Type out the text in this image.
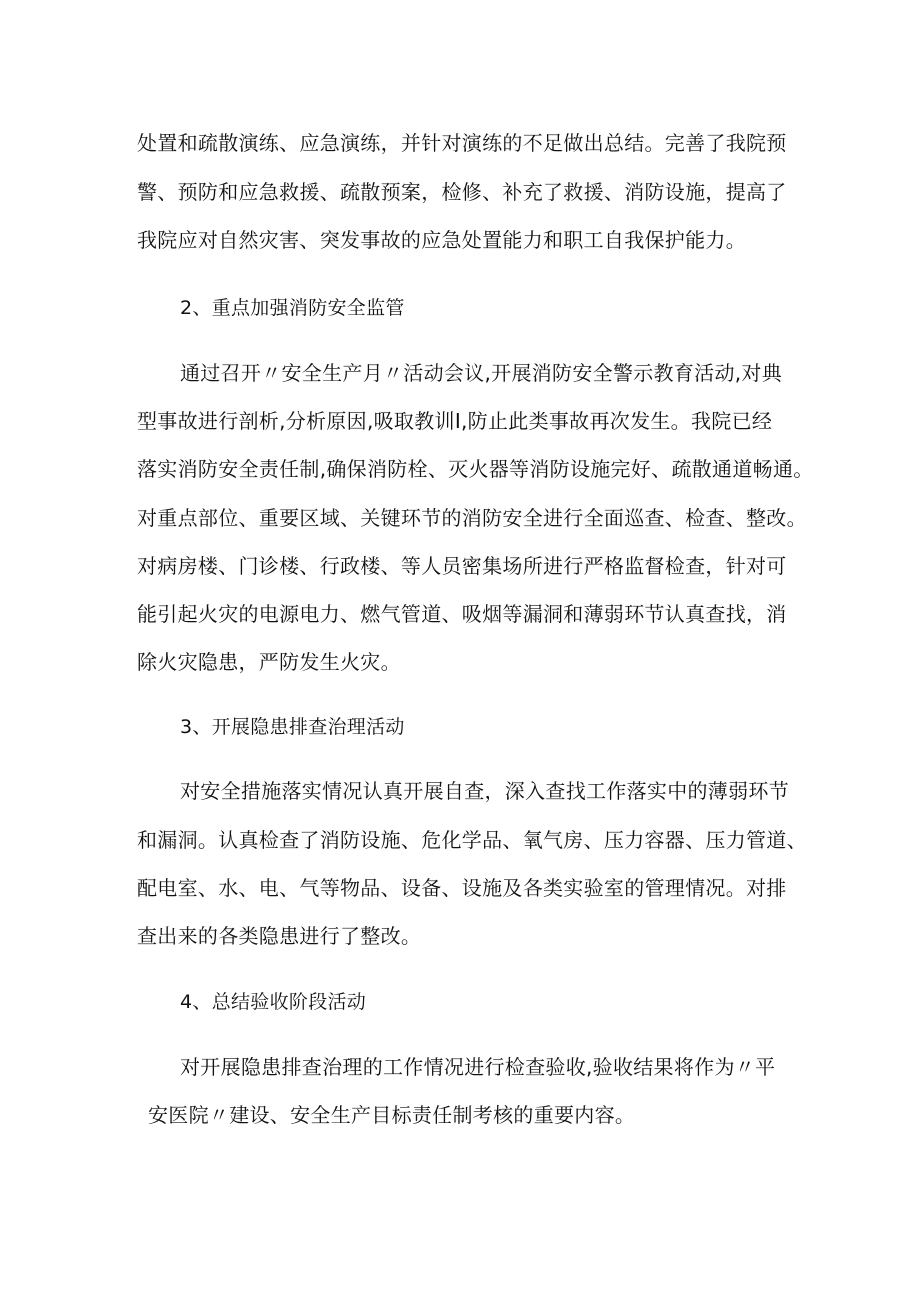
处置和疏散演练、应急演练，并针对演练的不足做出总结。完善了我院预
警、预防和应急救援、疏散预案，检修、补充了救援、消防设施，提高了
我院应对自然灾害、突发事故的应急处置能力和职工自我保护能力。
2、重点加强消防安全监管
通过召开〃安全生产月〃活动会议,开展消防安全警示教育活动,对典
型事故进行剖析,分析原因,吸取教训Ⅰ,防止此类事故再次发生。我院已经
落实消防安全责任制,确保消防栓、灭火器等消防设施完好、疏散通道畅通。
对重点部位、重要区域、关键环节的消防安全进行全面巡查、检查、整改。
对病房楼、门诊楼、行政楼、等人员密集场所进行严格监督检查，针对可
能引起火灾的电源电力、燃气管道、吸烟等漏洞和薄弱环节认真查找，消
除火灾隐患，严防发生火灾。
3、开展隐患排查治理活动
对安全措施落实情况认真开展自查，深入查找工作落实中的薄弱环节
和漏洞。认真检查了消防设施、危化学品、氧气房、压力容器、压力管道、
配电室、水、电、气等物品、设备、设施及各类实验室的管理情况。对排
查出来的各类隐患进行了整改。
4、总结验收阶段活动
对开展隐患排查治理的工作情况进行检查验收,验收结果将作为〃平
安医院〃建设、安全生产目标责任制考核的重要内容。
